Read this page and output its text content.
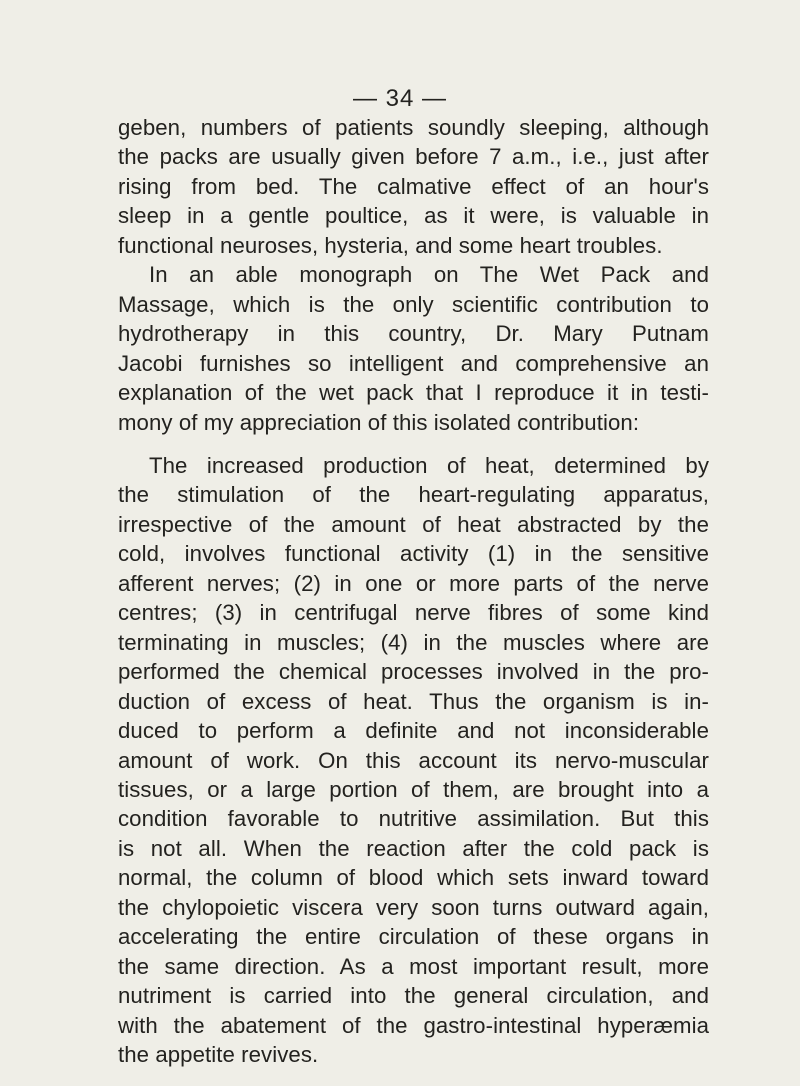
— 34 —
geben, numbers of patients soundly sleeping, although
the packs are usually given before 7 a.m., i.e., just after
rising from bed. The calmative effect of an hour's
sleep in a gentle poultice, as it were, is valuable in
functional neuroses, hysteria, and some heart troubles.
In an able monograph on The Wet Pack and
Massage, which is the only scientific contribution to
hydrotherapy in this country, Dr. Mary Putnam
Jacobi furnishes so intelligent and comprehensive an
explanation of the wet pack that I reproduce it in testi-
mony of my appreciation of this isolated contribution:
The increased production of heat, determined by
the stimulation of the heart-regulating apparatus,
irrespective of the amount of heat abstracted by the
cold, involves functional activity (1) in the sensitive
afferent nerves; (2) in one or more parts of the nerve
centres; (3) in centrifugal nerve fibres of some kind
terminating in muscles; (4) in the muscles where are
performed the chemical processes involved in the pro-
duction of excess of heat. Thus the organism is in-
duced to perform a definite and not inconsiderable
amount of work. On this account its nervo-muscular
tissues, or a large portion of them, are brought into a
condition favorable to nutritive assimilation. But this
is not all. When the reaction after the cold pack is
normal, the column of blood which sets inward toward
the chylopoietic viscera very soon turns outward again,
accelerating the entire circulation of these organs in
the same direction. As a most important result, more
nutriment is carried into the general circulation, and
with the abatement of the gastro-intestinal hyperæmia
the appetite revives.
